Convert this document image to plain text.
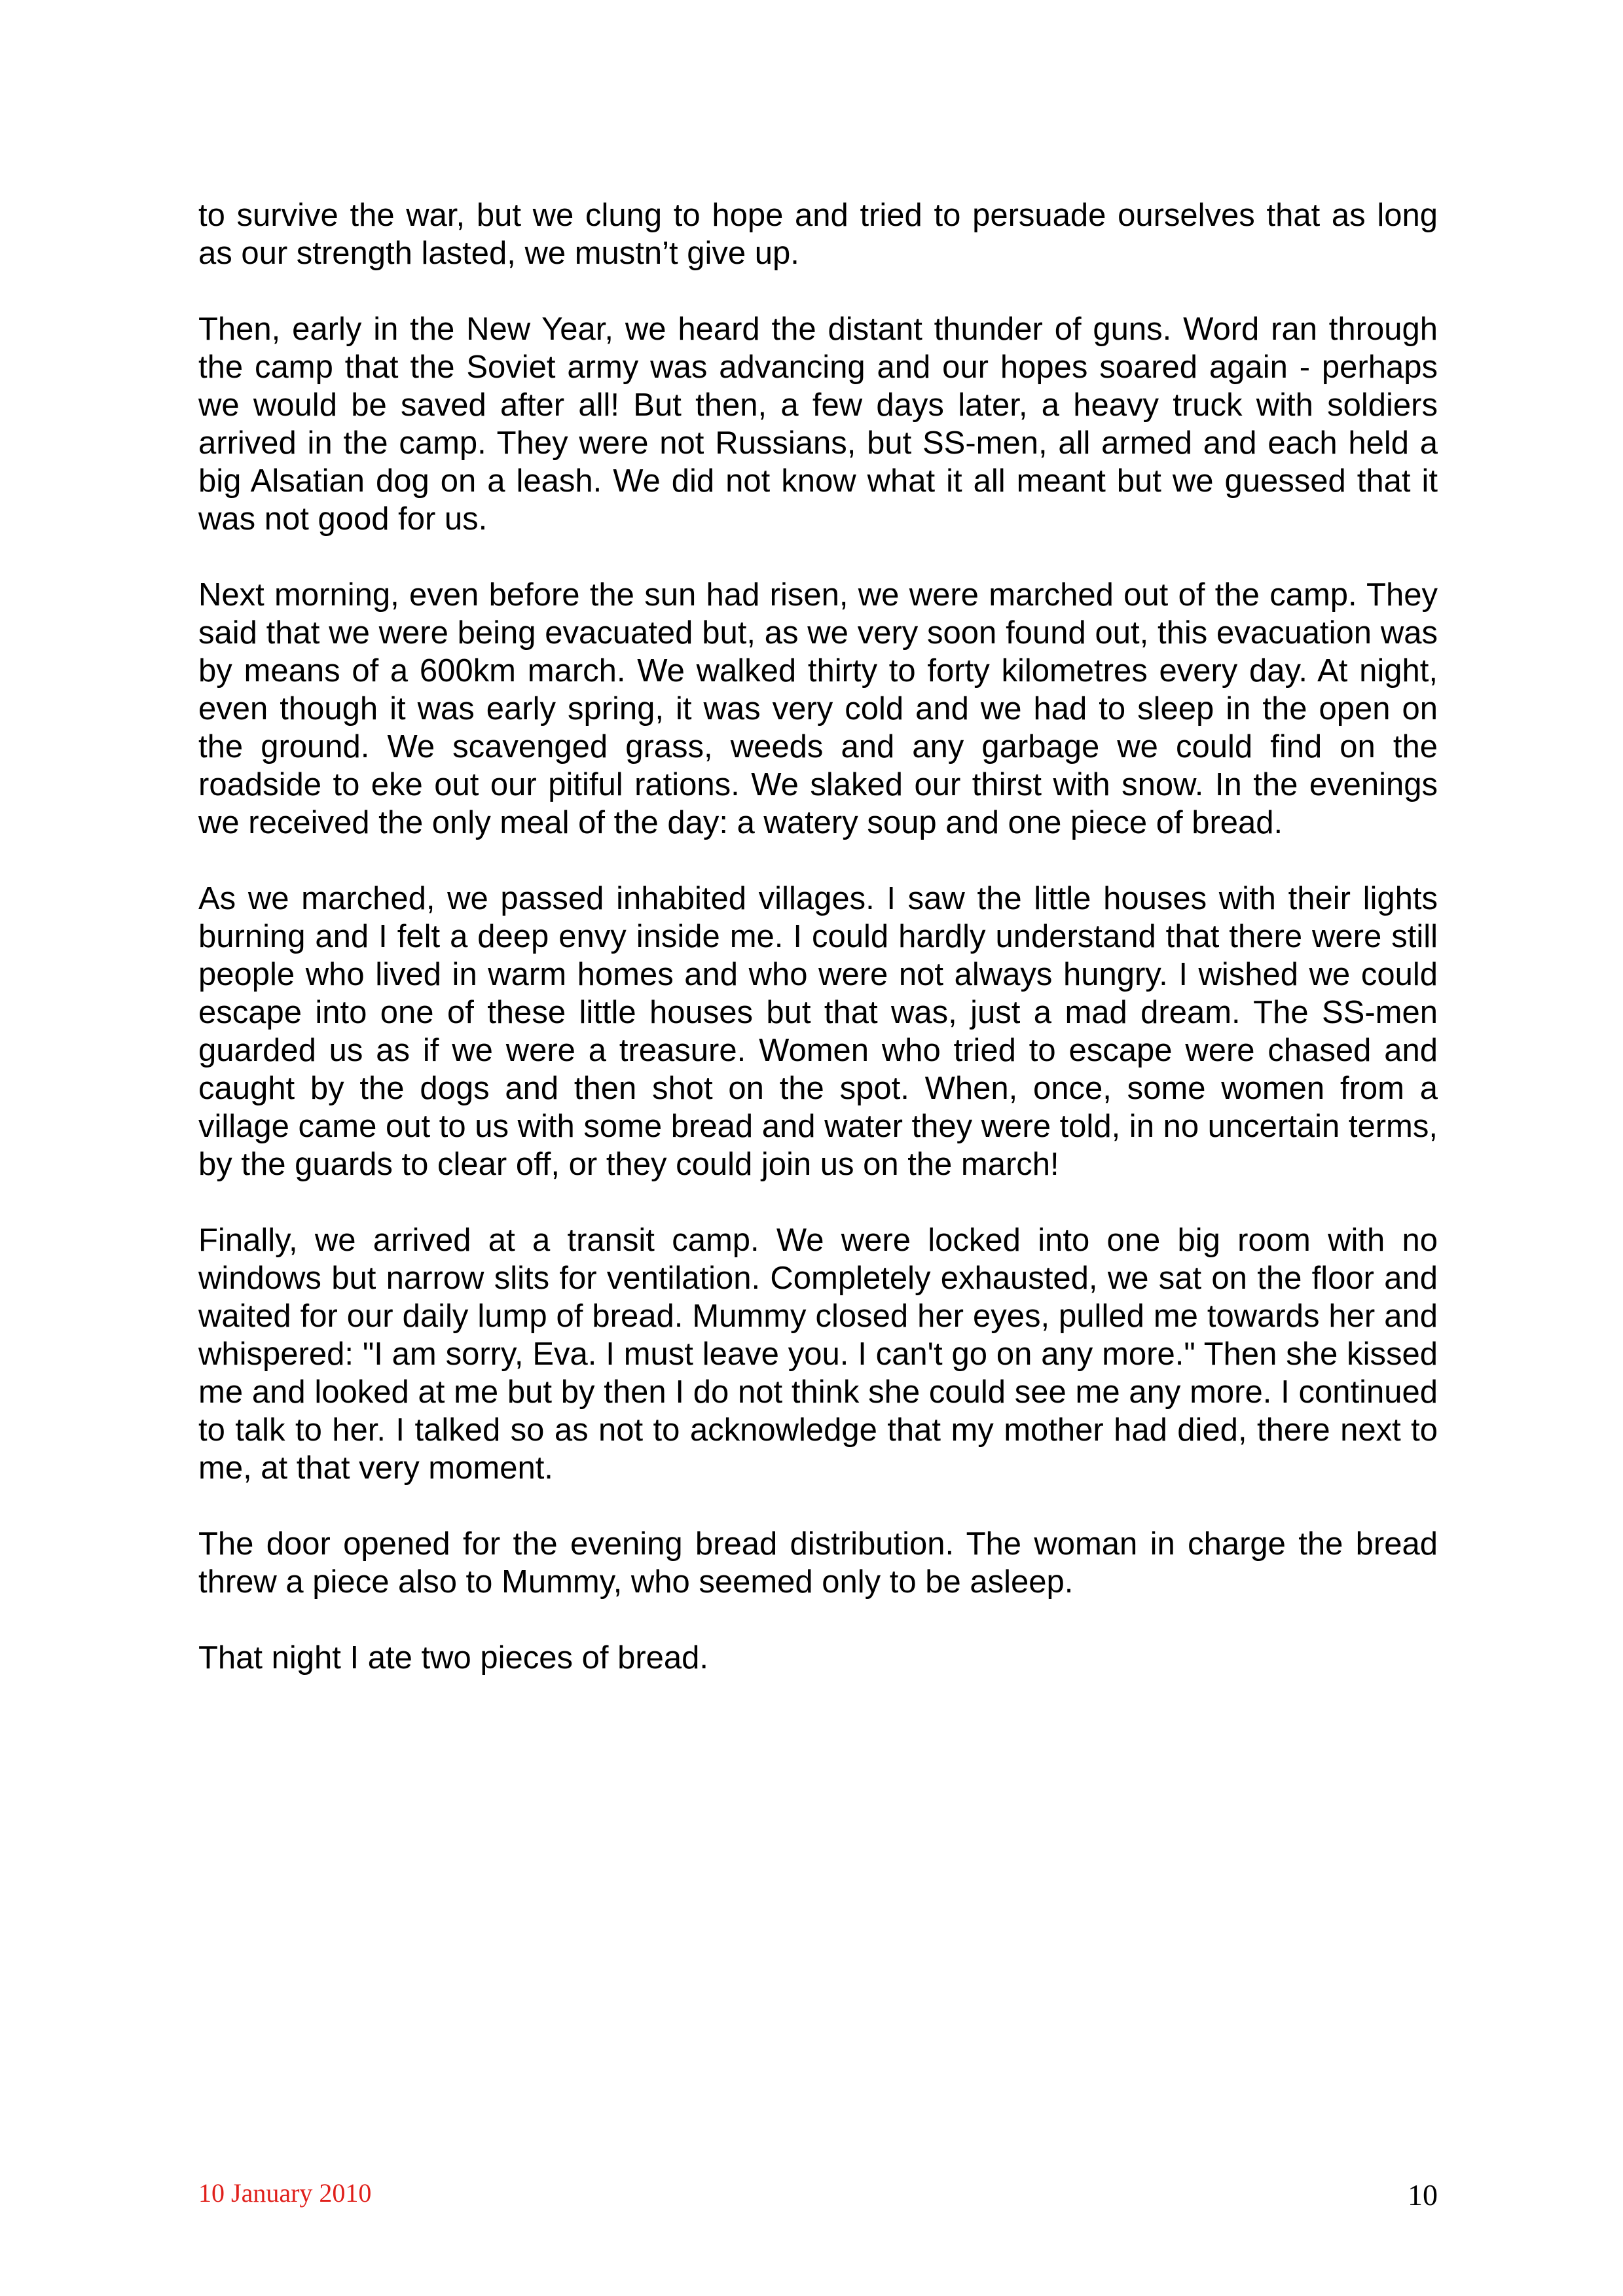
to survive the war, but we clung to hope and tried to persuade ourselves that as long as our strength lasted, we mustn’t give up.

Then, early in the New Year, we heard the distant thunder of guns. Word ran through the camp that the Soviet army was advancing and our hopes soared again - perhaps we would be saved after all! But then, a few days later, a heavy truck with soldiers arrived in the camp. They were not Russians, but SS-men, all armed and each held a big Alsatian dog on a leash. We did not know what it all meant but we guessed that it was not good for us.

Next morning, even before the sun had risen, we were marched out of the camp. They said that we were being evacuated but, as we very soon found out, this evacuation was by means of a 600km march. We walked thirty to forty kilometres every day. At night, even though it was early spring, it was very cold and we had to sleep in the open on the ground. We scavenged grass, weeds and any garbage we could find on the roadside to eke out our pitiful rations. We slaked our thirst with snow. In the evenings we received the only meal of the day: a watery soup and one piece of bread.

As we marched, we passed inhabited villages. I saw the little houses with their lights burning and I felt a deep envy inside me. I could hardly understand that there were still people who lived in warm homes and who were not always hungry. I wished we could escape into one of these little houses but that was, just a mad dream. The SS-men guarded us as if we were a treasure. Women who tried to escape were chased and caught by the dogs and then shot on the spot. When, once, some women from a village came out to us with some bread and water they were told, in no uncertain terms, by the guards to clear off, or they could join us on the march!

Finally, we arrived at a transit camp. We were locked into one big room with no windows but narrow slits for ventilation. Completely exhausted, we sat on the floor and waited for our daily lump of bread. Mummy closed her eyes, pulled me towards her and whispered: "I am sorry, Eva. I must leave you. I can't go on any more." Then she kissed me and looked at me but by then I do not think she could see me any more. I continued to talk to her. I talked so as not to acknowledge that my mother had died, there next to me, at that very moment.

The door opened for the evening bread distribution. The woman in charge the bread threw a piece also to Mummy, who seemed only to be asleep.

That night I ate two pieces of bread.

10 January 2010	10
